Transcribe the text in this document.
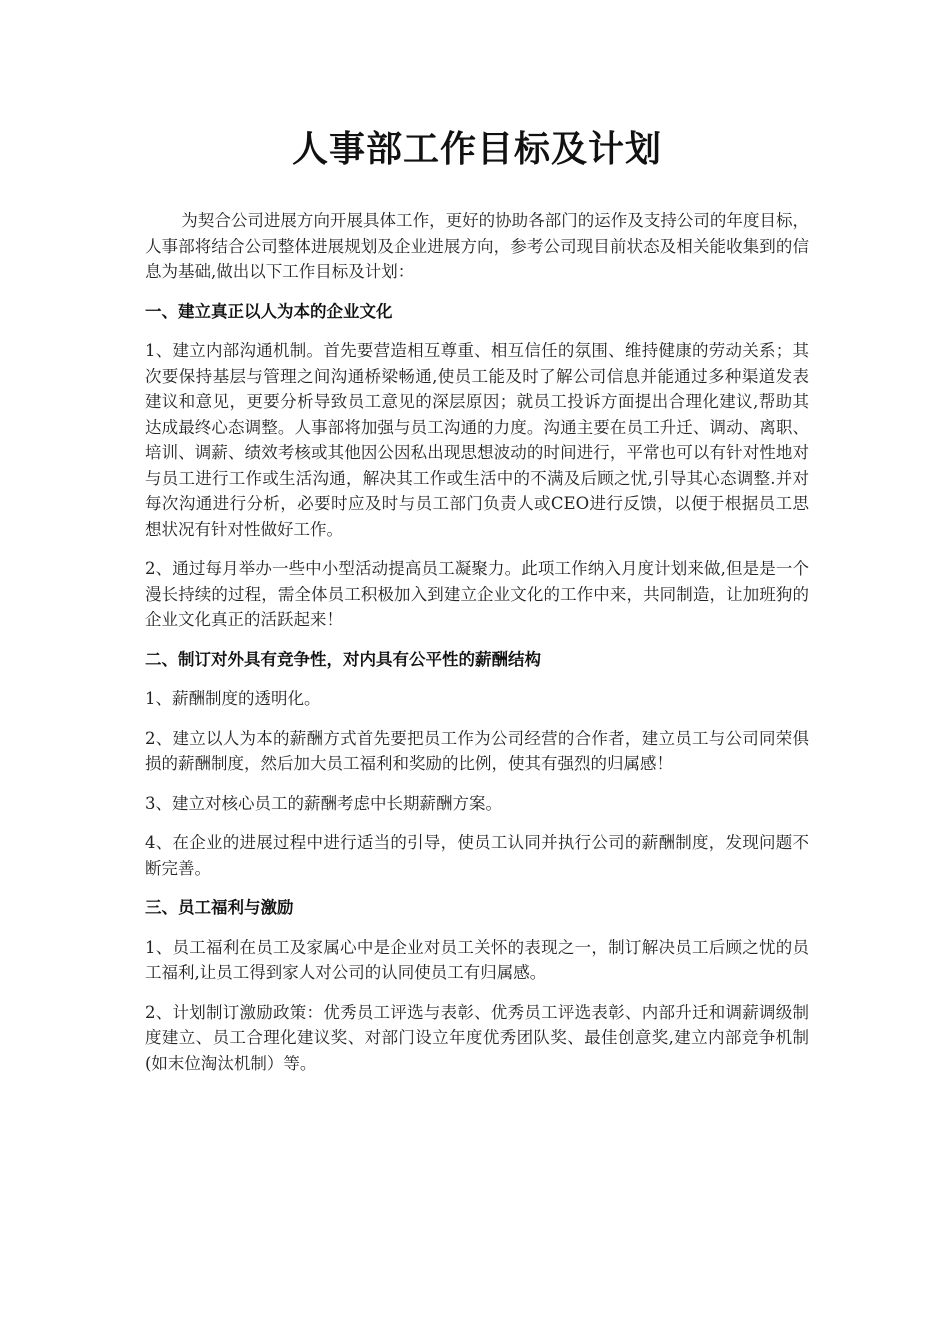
人事部工作目标及计划

为契合公司进展方向开展具体工作，更好的协助各部门的运作及支持公司的年度目标，人事部将结合公司整体进展规划及企业进展方向，参考公司现目前状态及相关能收集到的信息为基础,做出以下工作目标及计划：

一、建立真正以人为本的企业文化

1、建立内部沟通机制。首先要营造相互尊重、相互信任的氛围、维持健康的劳动关系；其次要保持基层与管理之间沟通桥梁畅通,使员工能及时了解公司信息并能通过多种渠道发表建议和意见，更要分析导致员工意见的深层原因；就员工投诉方面提出合理化建议,帮助其达成最终心态调整。人事部将加强与员工沟通的力度。沟通主要在员工升迁、调动、离职、培训、调薪、绩效考核或其他因公因私出现思想波动的时间进行，平常也可以有针对性地对与员工进行工作或生活沟通，解决其工作或生活中的不满及后顾之忧,引导其心态调整.并对每次沟通进行分析，必要时应及时与员工部门负责人或CEO进行反馈，以便于根据员工思想状况有针对性做好工作。

2、通过每月举办一些中小型活动提高员工凝聚力。此项工作纳入月度计划来做,但是是一个漫长持续的过程，需全体员工积极加入到建立企业文化的工作中来，共同制造，让加班狗的企业文化真正的活跃起来！

二、制订对外具有竞争性，对内具有公平性的薪酬结构

1、薪酬制度的透明化。

2、建立以人为本的薪酬方式首先要把员工作为公司经营的合作者，建立员工与公司同荣俱损的薪酬制度，然后加大员工福利和奖励的比例，使其有强烈的归属感！

3、建立对核心员工的薪酬考虑中长期薪酬方案。

4、在企业的进展过程中进行适当的引导，使员工认同并执行公司的薪酬制度，发现问题不断完善。

三、员工福利与激励

1、员工福利在员工及家属心中是企业对员工关怀的表现之一，制订解决员工后顾之忧的员工福利,让员工得到家人对公司的认同使员工有归属感。

2、计划制订激励政策：优秀员工评选与表彰、优秀员工评选表彰、内部升迁和调薪调级制度建立、员工合理化建议奖、对部门设立年度优秀团队奖、最佳创意奖,建立内部竞争机制(如末位淘汰机制）等。
